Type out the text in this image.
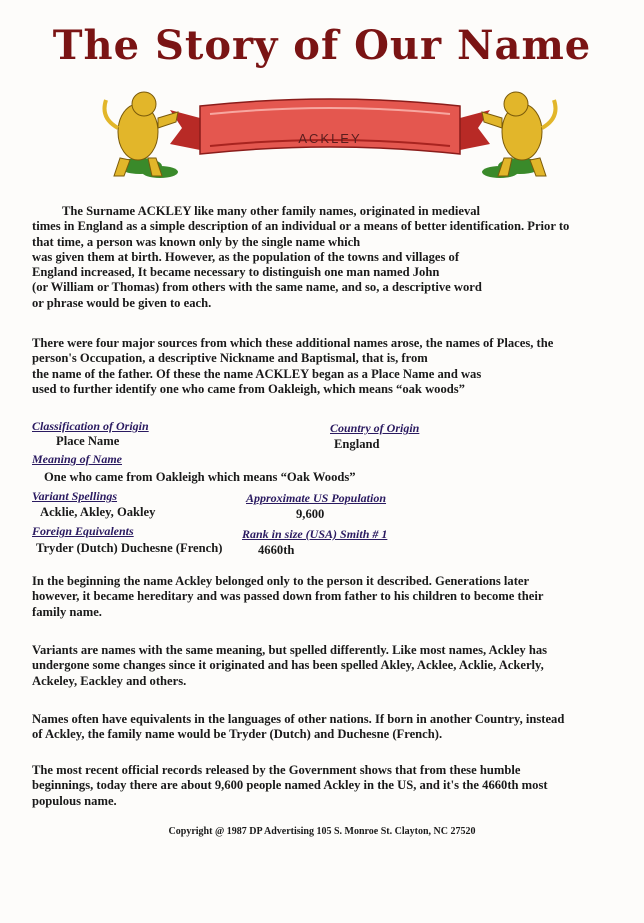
The Story of Our Name
ACKLEY
The Surname ACKLEY like many other family names, originated in medieval
times in England as a simple description of an individual or a means of better identification. Prior to
that time, a person was known only by the single name which
was given them at birth. However, as the population of the towns and villages of
England increased, It became necessary to distinguish one man named John
(or William or Thomas) from others with the same name, and so, a descriptive word
or phrase would be given to each.
There were four major sources from which these additional names arose, the names of Places, the
person's Occupation, a descriptive Nickname and Baptismal, that is, from
the name of the father. Of these the name ACKLEY began as a Place Name and was
used to further identify one who came from Oakleigh, which means “oak woods”
Classification of Origin
Place Name
Country of Origin
England
Meaning of Name
One who came from Oakleigh which means “Oak Woods”
Variant Spellings
Acklie, Akley, Oakley
Approximate US Population
9,600
Foreign Equivalents
Tryder (Dutch) Duchesne (French)
Rank in size (USA) Smith # 1
4660th
In the beginning the name Ackley belonged only to the person it described. Generations later
however, it became hereditary and was passed down from father to his children to become their
family name.
Variants are names with the same meaning, but spelled differently. Like most names, Ackley has
undergone some changes since it originated and has been spelled Akley, Acklee, Acklie, Ackerly,
Ackeley, Eackley and others.
Names often have equivalents in the languages of other nations. If born in another Country, instead
of Ackley, the family name would be Tryder (Dutch) and Duchesne (French).
The most recent official records released by the Government shows that from these humble
beginnings, today there are about 9,600 people named Ackley in the US, and it's the 4660th most
populous name.
Copyright @ 1987 DP Advertising 105 S. Monroe St. Clayton, NC 27520
